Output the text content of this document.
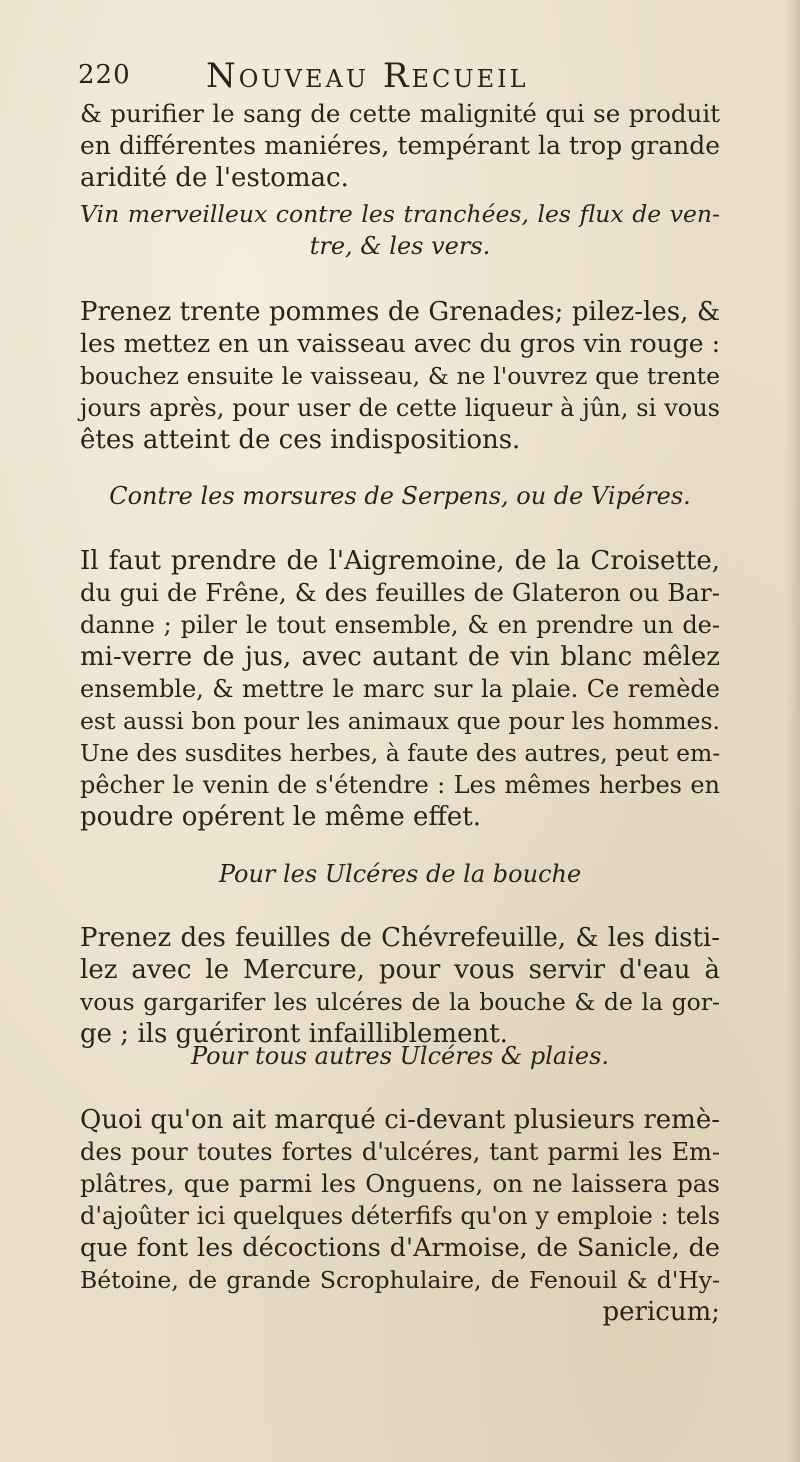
220 Nouveau Recueil
& purifier le sang de cette malignité qui se produit
en différentes maniéres, tempérant la trop grande
aridité de l'estomac.
Vin merveilleux contre les tranchées, les flux de ven-
tre, & les vers.
Prenez trente pommes de Grenades; pilez-les, &
les mettez en un vaisseau avec du gros vin rouge :
bouchez ensuite le vaisseau, & ne l'ouvrez que trente
jours après, pour user de cette liqueur à jûn, si vous
êtes atteint de ces indispositions.
Contre les morsures de Serpens, ou de Vipéres.
Il faut prendre de l'Aigremoine, de la Croisette,
du gui de Frêne, & des feuilles de Glateron ou Bar-
danne ; piler le tout ensemble, & en prendre un de-
mi-verre de jus, avec autant de vin blanc mêlez
ensemble, & mettre le marc sur la plaie. Ce remède
est aussi bon pour les animaux que pour les hommes.
Une des susdites herbes, à faute des autres, peut em-
pêcher le venin de s'étendre : Les mêmes herbes en
poudre opérent le même effet.
Pour les Ulcéres de la bouche
Prenez des feuilles de Chévrefeuille, & les disti-
lez avec le Mercure, pour vous servir d'eau à
vous gargarifer les ulcéres de la bouche & de la gor-
ge ; ils guériront infailliblement.
Pour tous autres Ulcéres & plaies.
Quoi qu'on ait marqué ci-devant plusieurs remè-
des pour toutes fortes d'ulcéres, tant parmi les Em-
plâtres, que parmi les Onguens, on ne laissera pas
d'ajoûter ici quelques déterfifs qu'on y emploie : tels
que font les décoctions d'Armoise, de Sanicle, de
Bétoine, de grande Scrophulaire, de Fenouil & d'Hy-
pericum;
